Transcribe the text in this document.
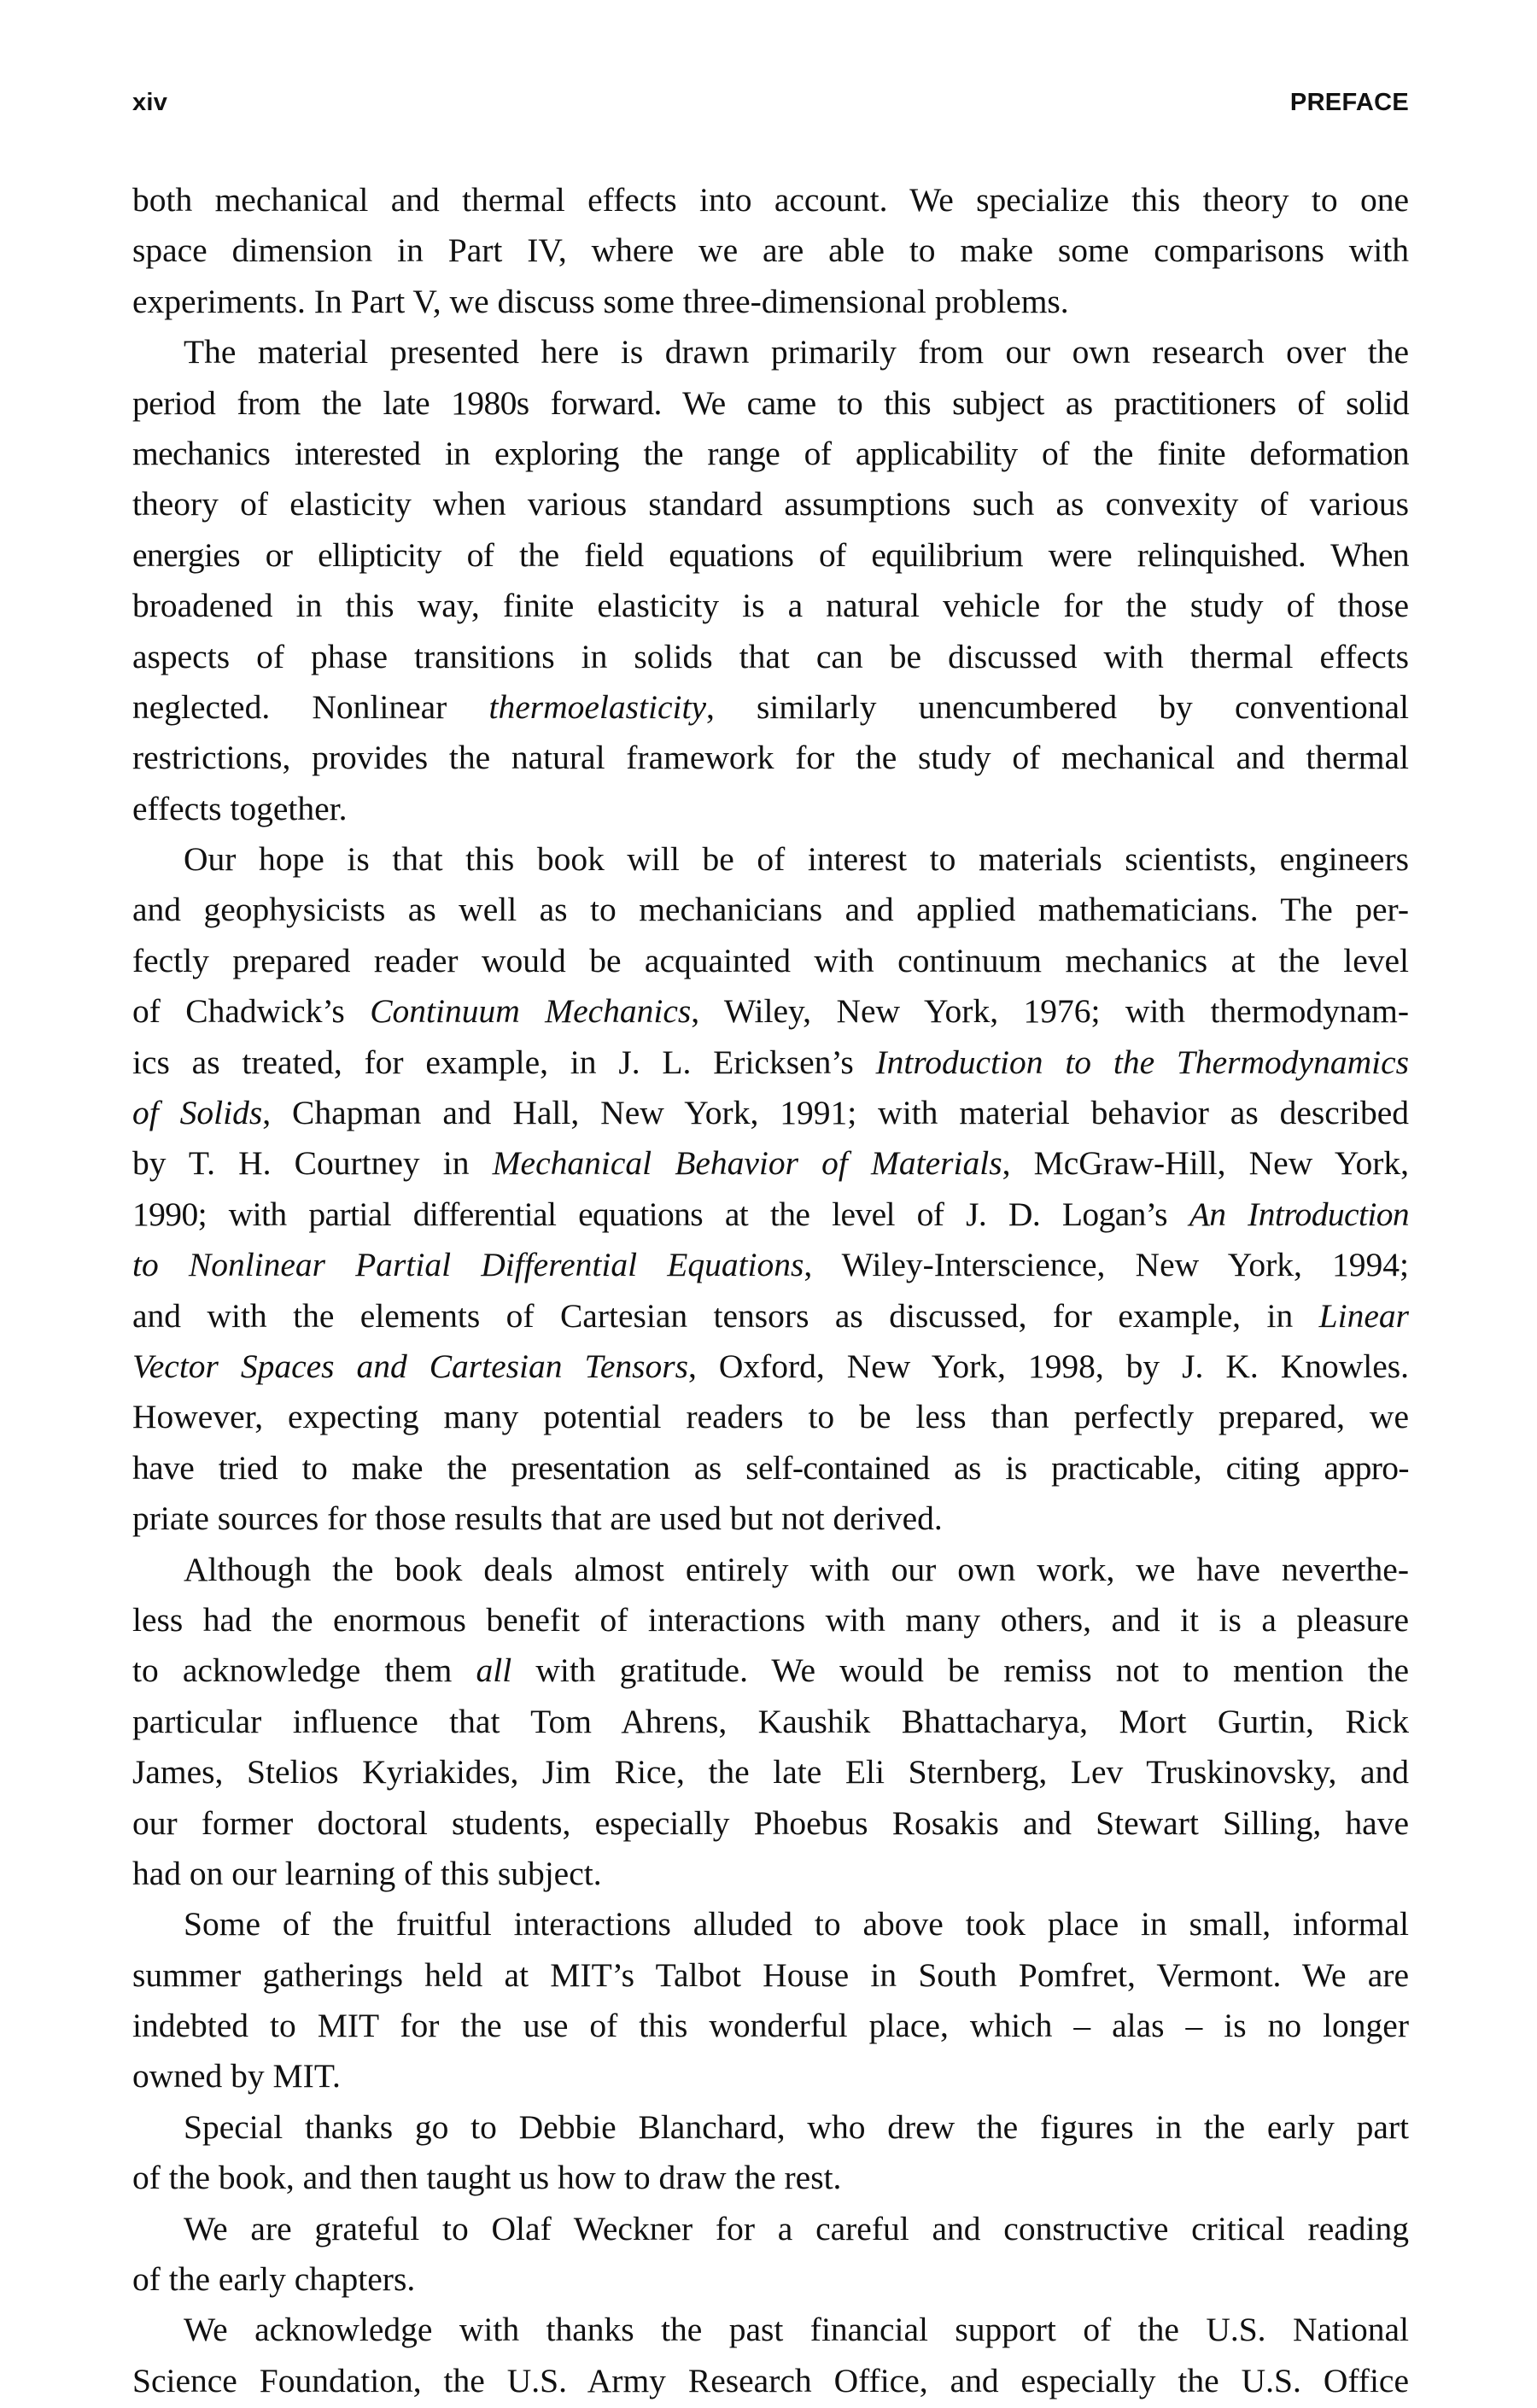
xiv	PREFACE
both mechanical and thermal effects into account. We specialize this theory to one
space dimension in Part IV, where we are able to make some comparisons with
experiments. In Part V, we discuss some three-dimensional problems.
The material presented here is drawn primarily from our own research over the
period from the late 1980s forward. We came to this subject as practitioners of solid
mechanics interested in exploring the range of applicability of the finite deformation
theory of elasticity when various standard assumptions such as convexity of various
energies or ellipticity of the field equations of equilibrium were relinquished. When
broadened in this way, finite elasticity is a natural vehicle for the study of those
aspects of phase transitions in solids that can be discussed with thermal effects
neglected. Nonlinear thermoelasticity, similarly unencumbered by conventional
restrictions, provides the natural framework for the study of mechanical and thermal
effects together.
Our hope is that this book will be of interest to materials scientists, engineers
and geophysicists as well as to mechanicians and applied mathematicians. The per-
fectly prepared reader would be acquainted with continuum mechanics at the level
of Chadwick’s Continuum Mechanics, Wiley, New York, 1976; with thermodynam-
ics as treated, for example, in J. L. Ericksen’s Introduction to the Thermodynamics
of Solids, Chapman and Hall, New York, 1991; with material behavior as described
by T. H. Courtney in Mechanical Behavior of Materials, McGraw-Hill, New York,
1990; with partial differential equations at the level of J. D. Logan’s An Introduction
to Nonlinear Partial Differential Equations, Wiley-Interscience, New York, 1994;
and with the elements of Cartesian tensors as discussed, for example, in Linear
Vector Spaces and Cartesian Tensors, Oxford, New York, 1998, by J. K. Knowles.
However, expecting many potential readers to be less than perfectly prepared, we
have tried to make the presentation as self-contained as is practicable, citing appro-
priate sources for those results that are used but not derived.
Although the book deals almost entirely with our own work, we have neverthe-
less had the enormous benefit of interactions with many others, and it is a pleasure
to acknowledge them all with gratitude. We would be remiss not to mention the
particular influence that Tom Ahrens, Kaushik Bhattacharya, Mort Gurtin, Rick
James, Stelios Kyriakides, Jim Rice, the late Eli Sternberg, Lev Truskinovsky, and
our former doctoral students, especially Phoebus Rosakis and Stewart Silling, have
had on our learning of this subject.
Some of the fruitful interactions alluded to above took place in small, informal
summer gatherings held at MIT’s Talbot House in South Pomfret, Vermont. We are
indebted to MIT for the use of this wonderful place, which – alas – is no longer
owned by MIT.
Special thanks go to Debbie Blanchard, who drew the figures in the early part
of the book, and then taught us how to draw the rest.
We are grateful to Olaf Weckner for a careful and constructive critical reading
of the early chapters.
We acknowledge with thanks the past financial support of the U.S. National
Science Foundation, the U.S. Army Research Office, and especially the U.S. Office
